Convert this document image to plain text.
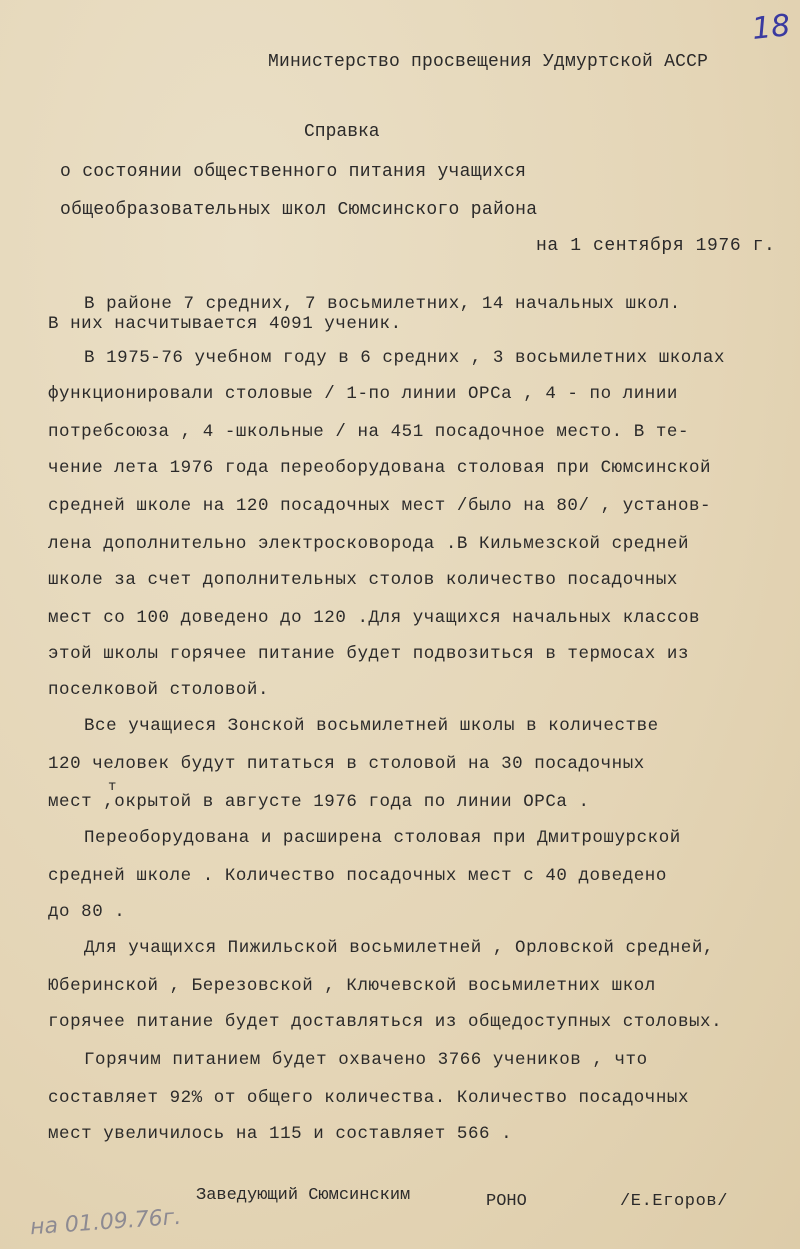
18
Министерство просвещения Удмуртской АССР
Справка
о состоянии общественного питания учащихся
общеобразовательных школ Сюмсинского района
на 1 сентября 1976 г.
В районе 7 средних, 7 восьмилетних, 14 начальных школ.
В них насчитывается 4091 ученик.
В 1975-76 учебном году в 6 средних , 3 восьмилетних школах
функционировали столовые / 1-по линии ОРСа , 4 - по линии
потребсоюза , 4 -школьные / на 451 посадочное место. В те-
чение лета 1976 года переоборудована столовая при Сюмсинской
средней школе на 120 посадочных мест /было на 80/ , установ-
лена дополнительно электросковорода .В Кильмезской средней
школе за счет дополнительных столов количество посадочных
мест со 100 доведено до 120 .Для учащихся начальных классов
этой школы горячее питание будет подвозиться в термосах из
поселковой столовой.
Все учащиеся Зонской восьмилетней школы в количестве
120 человек будут питаться в столовой на 30 посадочных
т
мест ,окрытой в августе 1976 года по линии ОРСа .
Переоборудована и расширена столовая при Дмитрошурской
средней школе . Количество посадочных мест с 40 доведено
до 80 .
Для учащихся Пижильской восьмилетней , Орловской средней,
Юберинской , Березовской , Ключевской восьмилетних школ
горячее питание будет доставляться из общедоступных столовых.
Горячим питанием будет охвачено 3766 учеников , что
составляет 92% от общего количества. Количество посадочных
мест увеличилось на 115 и составляет 566 .
Заведующий Сюмсинским	РОНО	/Е.Егоров/
на 01.09.76г.
